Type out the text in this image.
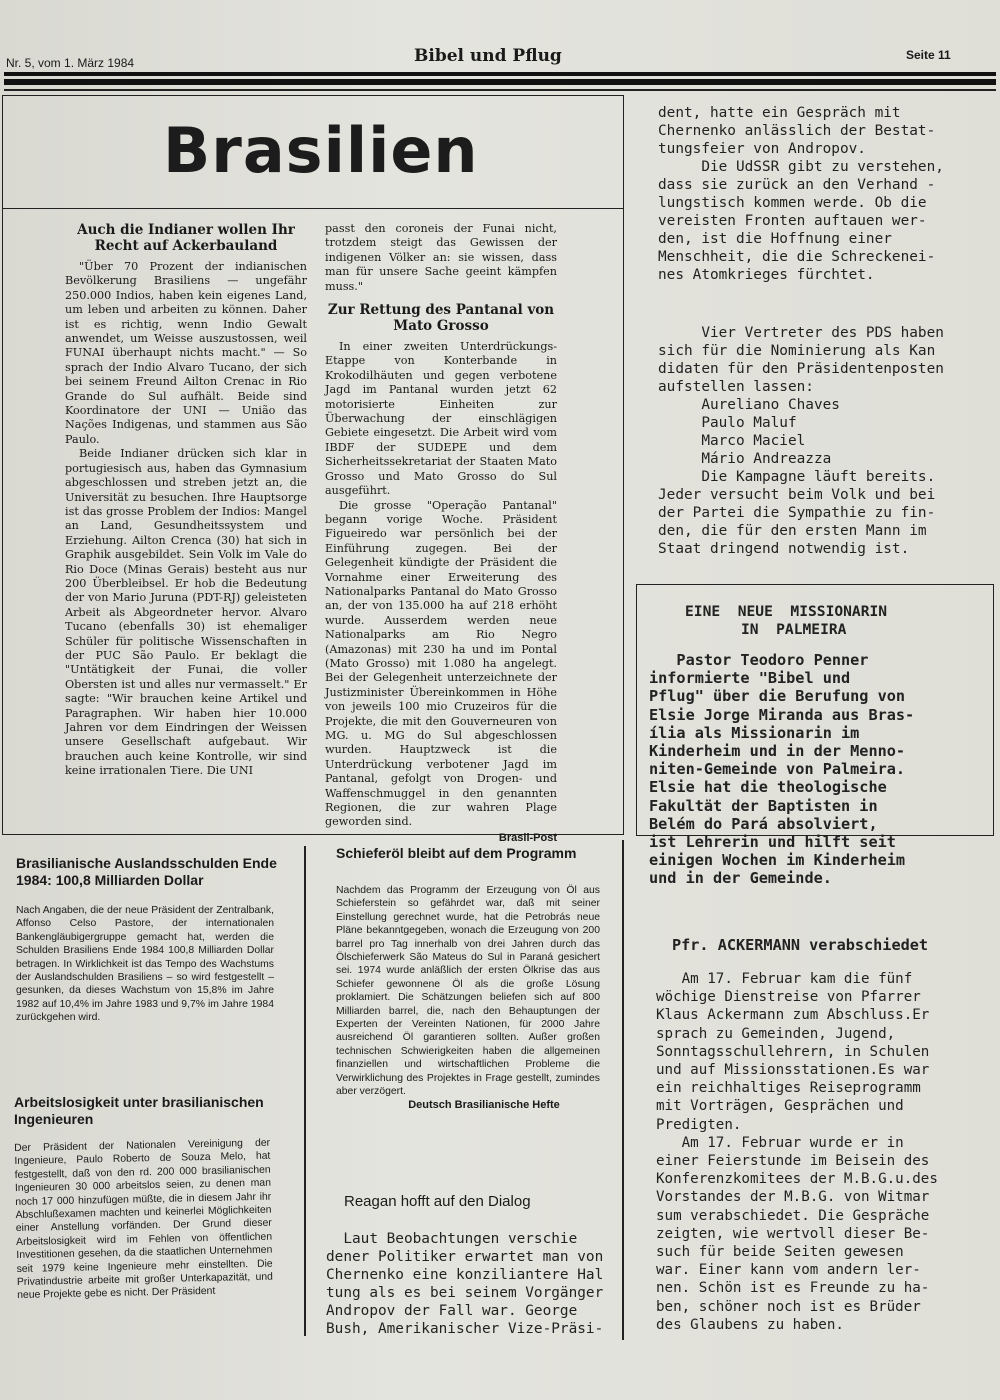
Nr. 5, vom 1. März 1984	Bibel und Pflug	Seite 11
Brasilien
Auch die Indianer wollen Ihr Recht auf Ackerbauland

"Über 70 Prozent der indianischen Bevölkerung Brasiliens — ungefähr 250.000 Indios, haben kein eigenes Land, um leben und arbeiten zu können. Daher ist es richtig, wenn Indio Gewalt anwendet, um Weisse auszustossen, weil FUNAI überhaupt nichts macht." — So sprach der Indio Alvaro Tucano, der sich bei seinem Freund Ailton Crenac in Rio Grande do Sul aufhält. Beide sind Koordinatore der UNI — União das Nações Indigenas, und stammen aus São Paulo.

Beide Indianer drücken sich klar in portugiesisch aus, haben das Gymnasium abgeschlossen und streben jetzt an, die Universität zu besuchen. Ihre Hauptsorge ist das grosse Problem der Indios: Mangel an Land, Gesundheitssystem und Erziehung. Ailton Crenca (30) hat sich in Graphik ausgebildet. Sein Volk im Vale do Rio Doce (Minas Gerais) besteht aus nur 200 Überbleibsel. Er hob die Bedeutung der von Mario Juruna (PDT-RJ) geleisteten Arbeit als Abgeordneter hervor. Alvaro Tucano (ebenfalls 30) ist ehemaliger Schüler für politische Wissenschaften in der PUC São Paulo. Er beklagt die "Untätigkeit der Funai, die voller Obersten ist und alles nur vermasselt." Er sagte: "Wir brauchen keine Artikel und Paragraphen. Wir haben hier 10.000 Jahren vor dem Eindringen der Weissen unsere Gesellschaft aufgebaut. Wir brauchen auch keine Kontrolle, wir sind keine irrationalen Tiere. Die UNI

passt den coroneis der Funai nicht, trotzdem steigt das Gewissen der indigenen Völker an: sie wissen, dass man für unsere Sache geeint kämpfen muss."

Zur Rettung des Pantanal von Mato Grosso

In einer zweiten Unterdrückungs-Etappe von Konterbande in Krokodilhäuten und gegen verbotene Jagd im Pantanal wurden jetzt 62 motorisierte Einheiten zur Überwachung der einschlägigen Gebiete eingesetzt. Die Arbeit wird vom IBDF der SUDEPE und dem Sicherheitssekretariat der Staaten Mato Grosso und Mato Grosso do Sul ausgeführt.

Die grosse "Operação Pantanal" begann vorige Woche. Präsident Figueiredo war persönlich bei der Einführung zugegen. Bei der Gelegenheit kündigte der Präsident die Vornahme einer Erweiterung des Nationalparks Pantanal do Mato Grosso an, der von 135.000 ha auf 218 erhöht wurde. Ausserdem werden neue Nationalparks am Rio Negro (Amazonas) mit 230 ha und im Pontal (Mato Grosso) mit 1.080 ha angelegt. Bei der Gelegenheit unterzeichnete der Justizminister Übereinkommen in Höhe von jeweils 100 mio Cruzeiros für die Projekte, die mit den Gouverneuren von MG. u. MG do Sul abgeschlossen wurden. Hauptzweck ist die Unterdrückung verbotener Jagd im Pantanal, gefolgt von Drogen- und Waffenschmuggel in den genannten Regionen, die zur wahren Plage geworden sind.

Brasil-Post
dent, hatte ein Gespräch mit
Chernenko anlässlich der Bestat-
tungsfeier von Andropov.
Die UdSSR gibt zu verstehen,
dass sie zurück an den Verhand -
lungstisch kommen werde. Ob die
vereisten Fronten auftauen wer-
den, ist die Hoffnung einer
Menschheit, die die Schreckenei-
nes Atomkrieges fürchtet.
Vier Vertreter des PDS haben
sich für die Nominierung als Kan
didaten für den Präsidentenposten
aufstellen lassen:
Aureliano Chaves
Paulo Maluf
Marco Maciel
Mário Andreazza
Die Kampagne läuft bereits.
Jeder versucht beim Volk und bei
der Partei die Sympathie zu fin-
den, die für den ersten Mann im
Staat dringend notwendig ist.
EINE  NEUE  MISSIONARIN
IN  PALMEIRA
Pastor Teodoro Penner
informierte "Bibel und
Pflug" über die Berufung von
Elsie Jorge Miranda aus Bras-
ília als Missionarin im
Kinderheim und in der Menno-
niten-Gemeinde von Palmeira.
Elsie hat die theologische
Fakultät der Baptisten in
Belém do Pará absolviert,
ist Lehrerin und hilft seit
einigen Wochen im Kinderheim
und in der Gemeinde.
Pfr. ACKERMANN verabschiedet
Am 17. Februar kam die fünf
wöchige Dienstreise von Pfarrer
Klaus Ackermann zum Abschluss.Er
sprach zu Gemeinden, Jugend,
Sonntagsschullehrern, in Schulen
und auf Missionsstationen.Es war
ein reichhaltiges Reiseprogramm
mit Vorträgen, Gesprächen und
Predigten.
Am 17. Februar wurde er in
einer Feierstunde im Beisein des
Konferenzkomitees der M.B.G.u.des
Vorstandes der M.B.G. von Witmar
sum verabschiedet. Die Gespräche
zeigten, wie wertvoll dieser Be-
such für beide Seiten gewesen
war. Einer kann vom andern ler-
nen. Schön ist es Freunde zu ha-
ben, schöner noch ist es Brüder
des Glaubens zu haben.
Brasilianische Auslandsschulden Ende 1984: 100,8 Milliarden Dollar
Nach Angaben, die der neue Präsident der Zentralbank, Affonso Celso Pastore, der internationalen Bankengläubigergruppe gemacht hat, werden die Schulden Brasiliens Ende 1984 100,8 Milliarden Dollar betragen. In Wirklichkeit ist das Tempo des Wachstums der Auslandschulden Brasiliens – so wird festgestellt – gesunken, da dieses Wachstum von 15,8% im Jahre 1982 auf 10,4% im Jahre 1983 und 9,7% im Jahre 1984 zurückgehen wird.
Arbeitslosigkeit unter brasilianischen Ingenieuren
Der Präsident der Nationalen Vereinigung der Ingenieure, Paulo Roberto de Souza Melo, hat festgestellt, daß von den rd. 200 000 brasilianischen Ingenieuren 30 000 arbeitslos seien, zu denen man noch 17 000 hinzufügen müßte, die in diesem Jahr ihr Abschlußexamen machten und keinerlei Möglichkeiten einer Anstellung vorfänden. Der Grund dieser Arbeitslosigkeit wird im Fehlen von öffentlichen Investitionen gesehen, da die staatlichen Unternehmen seit 1979 keine Ingenieure mehr einstellten. Die Privatindustrie arbeite mit großer Unterkapazität, und neue Projekte gebe es nicht. Der Präsident
Schieferöl bleibt auf dem Programm
Nachdem das Programm der Erzeugung von Öl aus Schieferstein so gefährdet war, daß mit seiner Einstellung gerechnet wurde, hat die Petrobrás neue Pläne bekanntgegeben, wonach die Erzeugung von 200 barrel pro Tag innerhalb von drei Jahren durch das Ölschieferwerk São Mateus do Sul in Paraná gesichert sei. 1974 wurde anläßlich der ersten Ölkrise das aus Schiefer gewonnene Öl als die große Lösung proklamiert. Die Schätzungen beliefen sich auf 800 Milliarden barrel, die, nach den Behauptungen der Experten der Vereinten Nationen, für 2000 Jahre ausreichend Öl garantieren sollten. Außer großen technischen Schwierigkeiten haben die allgemeinen finanziellen und wirtschaftlichen Probleme die Verwirklichung des Projektes in Frage gestellt, zumindes aber verzögert.
Deutsch Brasilianische Hefte
Reagan hofft auf den Dialog
Laut Beobachtungen verschie
dener Politiker erwartet man von
Chernenko eine konziliantere Hal
tung als es bei seinem Vorgänger
Andropov der Fall war. George
Bush, Amerikanischer Vize-Präsi-
